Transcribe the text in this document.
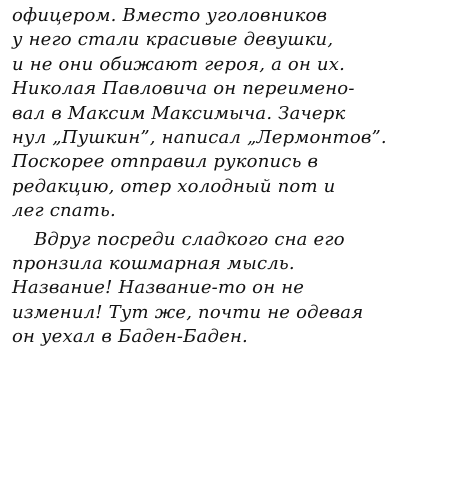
офицером. Вместо уголовников
у него стали красивые девушки,
и не они обижают героя, а он их.
Николая Павловича он переимено-
вал в Максим Максимыча. Зачерк
нул „Пушкин”, написал „Лермонтов”.
Поскорее отправил рукопись в
редакцию, отер холодный пот и
лег спать.
Вдруг посреди сладкого сна его
пронзила кошмарная мысль.
Название! Название-то он не
изменил! Тут же, почти не одевая
он уехал в Баден-Баден.
